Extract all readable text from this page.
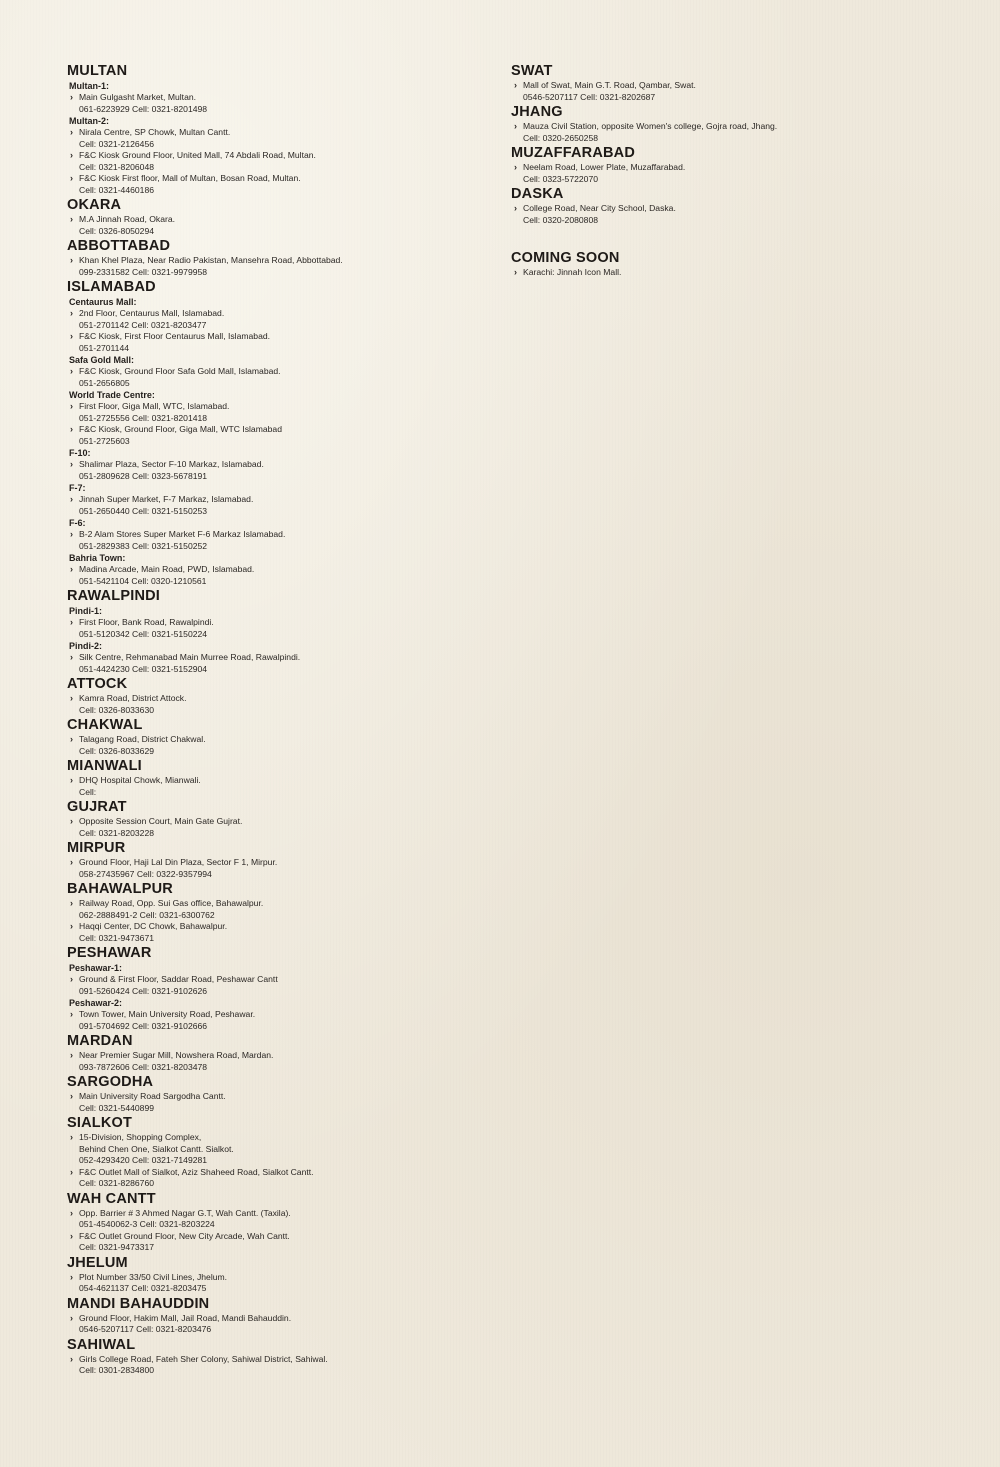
MULTAN
Multan-1:
› Main Gulgasht Market, Multan.
061-6223929 Cell: 0321-8201498
Multan-2:
› Nirala Centre, SP Chowk, Multan Cantt.
Cell: 0321-2126456
› F&C Kiosk Ground Floor, United Mall, 74 Abdali Road, Multan.
Cell: 0321-8206048
› F&C Kiosk First floor, Mall of Multan, Bosan Road, Multan.
Cell: 0321-4460186
OKARA
› M.A Jinnah Road, Okara.
Cell: 0326-8050294
ABBOTTABAD
› Khan Khel Plaza, Near Radio Pakistan, Mansehra Road, Abbottabad.
099-2331582 Cell: 0321-9979958
ISLAMABAD
Centaurus Mall:
› 2nd Floor, Centaurus Mall, Islamabad.
051-2701142 Cell: 0321-8203477
› F&C Kiosk, First Floor Centaurus Mall, Islamabad.
051-2701144
Safa Gold Mall:
› F&C Kiosk, Ground Floor Safa Gold Mall, Islamabad.
051-2656805
World Trade Centre:
› First Floor, Giga Mall, WTC, Islamabad.
051-2725556 Cell: 0321-8201418
› F&C Kiosk, Ground Floor, Giga Mall, WTC Islamabad
051-2725603
F-10:
› Shalimar Plaza, Sector F-10 Markaz, Islamabad.
051-2809628 Cell: 0323-5678191
F-7:
› Jinnah Super Market, F-7 Markaz, Islamabad.
051-2650440 Cell: 0321-5150253
F-6:
› B-2 Alam Stores Super Market F-6 Markaz Islamabad.
051-2829383 Cell: 0321-5150252
Bahria Town:
› Madina Arcade, Main Road, PWD, Islamabad.
051-5421104 Cell: 0320-1210561
RAWALPINDI
Pindi-1:
› First Floor, Bank Road, Rawalpindi.
051-5120342 Cell: 0321-5150224
Pindi-2:
› Silk Centre, Rehmanabad Main Murree Road, Rawalpindi.
051-4424230 Cell: 0321-5152904
ATTOCK
› Kamra Road, District Attock.
Cell: 0326-8033630
CHAKWAL
› Talagang Road, District Chakwal.
Cell: 0326-8033629
MIANWALI
› DHQ Hospital Chowk, Mianwali.
Cell:
GUJRAT
› Opposite Session Court, Main Gate Gujrat.
Cell: 0321-8203228
MIRPUR
› Ground Floor, Haji Lal Din Plaza, Sector F 1, Mirpur.
058-27435967 Cell: 0322-9357994
BAHAWALPUR
› Railway Road, Opp. Sui Gas office, Bahawalpur.
062-2888491-2 Cell: 0321-6300762
› Haqqi Center, DC Chowk, Bahawalpur.
Cell: 0321-9473671
PESHAWAR
Peshawar-1:
› Ground & First Floor, Saddar Road, Peshawar Cantt
091-5260424 Cell: 0321-9102626
Peshawar-2:
› Town Tower, Main University Road, Peshawar.
091-5704692 Cell: 0321-9102666
MARDAN
› Near Premier Sugar Mill, Nowshera Road, Mardan.
093-7872606 Cell: 0321-8203478
SARGODHA
› Main University Road Sargodha Cantt.
Cell: 0321-5440899
SIALKOT
› 15-Division, Shopping Complex,
Behind Chen One, Sialkot Cantt. Sialkot.
052-4293420 Cell: 0321-7149281
› F&C Outlet Mall of Sialkot, Aziz Shaheed Road, Sialkot Cantt.
Cell: 0321-8286760
WAH CANTT
› Opp. Barrier # 3 Ahmed Nagar G.T, Wah Cantt. (Taxila).
051-4540062-3 Cell: 0321-8203224
› F&C Outlet Ground Floor, New City Arcade, Wah Cantt.
Cell: 0321-9473317
JHELUM
› Plot Number 33/50 Civil Lines, Jhelum.
054-4621137 Cell: 0321-8203475
MANDI BAHAUDDIN
› Ground Floor, Hakim Mall, Jail Road, Mandi Bahauddin.
0546-5207117 Cell: 0321-8203476
SAHIWAL
› Girls College Road, Fateh Sher Colony, Sahiwal District, Sahiwal.
Cell: 0301-2834800
SWAT
› Mall of Swat, Main G.T. Road, Qambar, Swat.
0546-5207117 Cell: 0321-8202687
JHANG
› Mauza Civil Station, opposite Women's college, Gojra road, Jhang.
Cell: 0320-2650258
MUZAFFARABAD
› Neelam Road, Lower Plate, Muzaffarabad.
Cell: 0323-5722070
DASKA
› College Road, Near City School, Daska.
Cell: 0320-2080808
COMING SOON
› Karachi: Jinnah Icon Mall.
